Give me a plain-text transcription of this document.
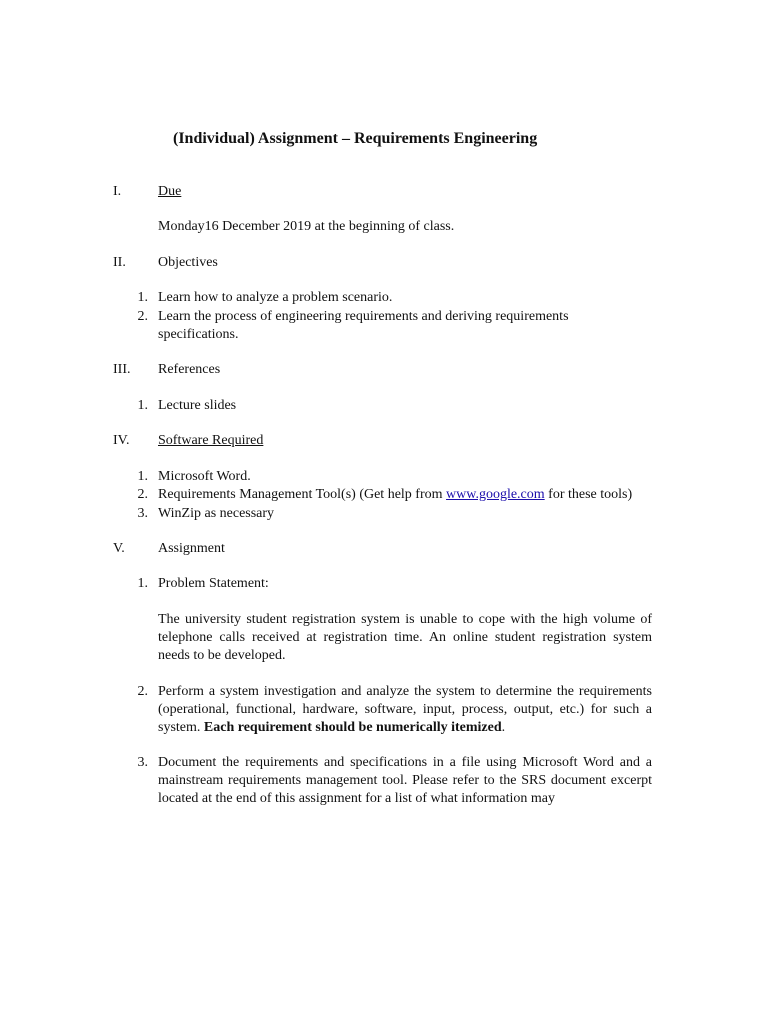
(Individual) Assignment – Requirements Engineering
I.	Due
Monday16 December 2019 at the beginning of class.
II. Objectives
1. Learn how to analyze a problem scenario.
2. Learn the process of engineering requirements and deriving requirements
specifications.
III. References
1. Lecture slides
IV. Software Required
1. Microsoft Word.
2. Requirements Management Tool(s) (Get help from www.google.com for these tools)
3. WinZip as necessary
V. Assignment
1. Problem Statement:
The university student registration system is unable to cope with the high volume of telephone calls received at registration time. An online student registration system needs to be developed.
2. Perform a system investigation and analyze the system to determine the requirements (operational, functional, hardware, software, input, process, output, etc.) for such a system. Each requirement should be numerically itemized.
3. Document the requirements and specifications in a file using Microsoft Word and a mainstream requirements management tool. Please refer to the SRS document excerpt located at the end of this assignment for a list of what information may
